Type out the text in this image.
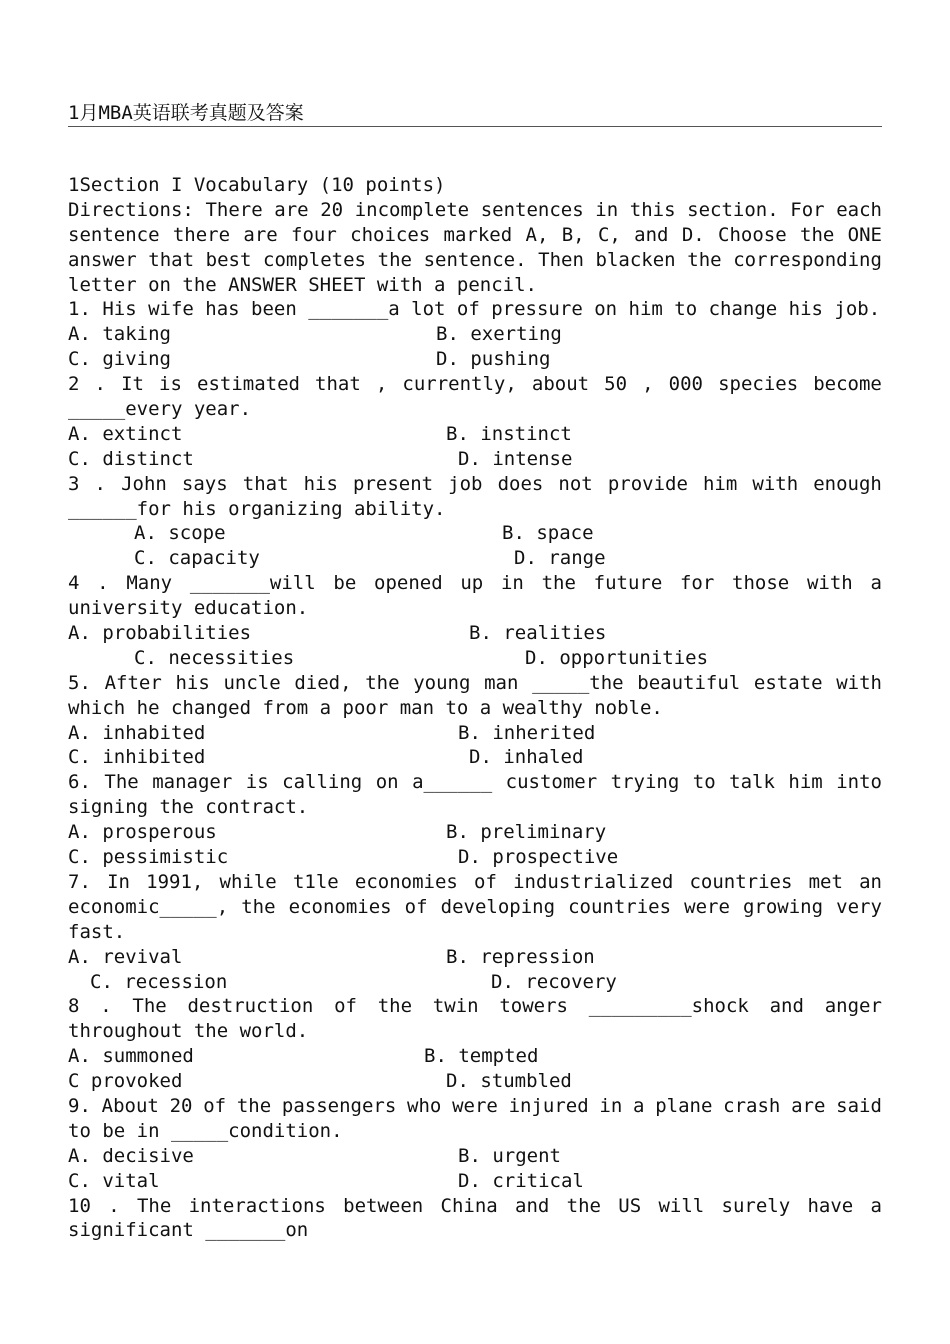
1月MBA英语联考真题及答案
1Section I Vocabulary (10 points)
Directions: There are 20 incomplete sentences in this section. For each
sentence there are four choices marked A, B, C, and D. Choose the ONE
answer that best completes the sentence. Then blacken the corresponding
letter on the ANSWER SHEET with a pencil.
1. His wife has been _______a lot of pressure on him to change his job.
A. taking	B. exerting
C. giving	D. pushing
2 . It is estimated that , currently, about 50 , 000 species become
_____every year.
A. extinct	B. instinct
C. distinct	D. intense
3 . John says that his present job does not provide him with enough
______for his organizing ability.
A. scope	B. space
C. capacity	D. range
4 . Many _______will be opened up in the future for those with a
university education.
A. probabilities	B. realities
C. necessities	D. opportunities
5. After his uncle died, the young man _____the beautiful estate with
which he changed from a poor man to a wealthy noble.
A. inhabited	B. inherited
C. inhibited	D. inhaled
6. The manager is calling on a______ customer trying to talk him into
signing the contract.
A. prosperous	B. preliminary
C. pessimistic	D. prospective
7. In 1991, while t1le economies of industrialized countries met an
economic_____, the economies of developing countries were growing very
fast.
A. revival	B. repression
C. recession	D. recovery
8 . The destruction of the twin towers _________shock and anger
throughout the world.
A. summoned	B. tempted
C provoked	D. stumbled
9. About 20 of the passengers who were injured in a plane crash are said
to be in _____condition.
A. decisive	B. urgent
C. vital	D. critical
10 . The interactions between China and the US will surely have a
significant _______on
